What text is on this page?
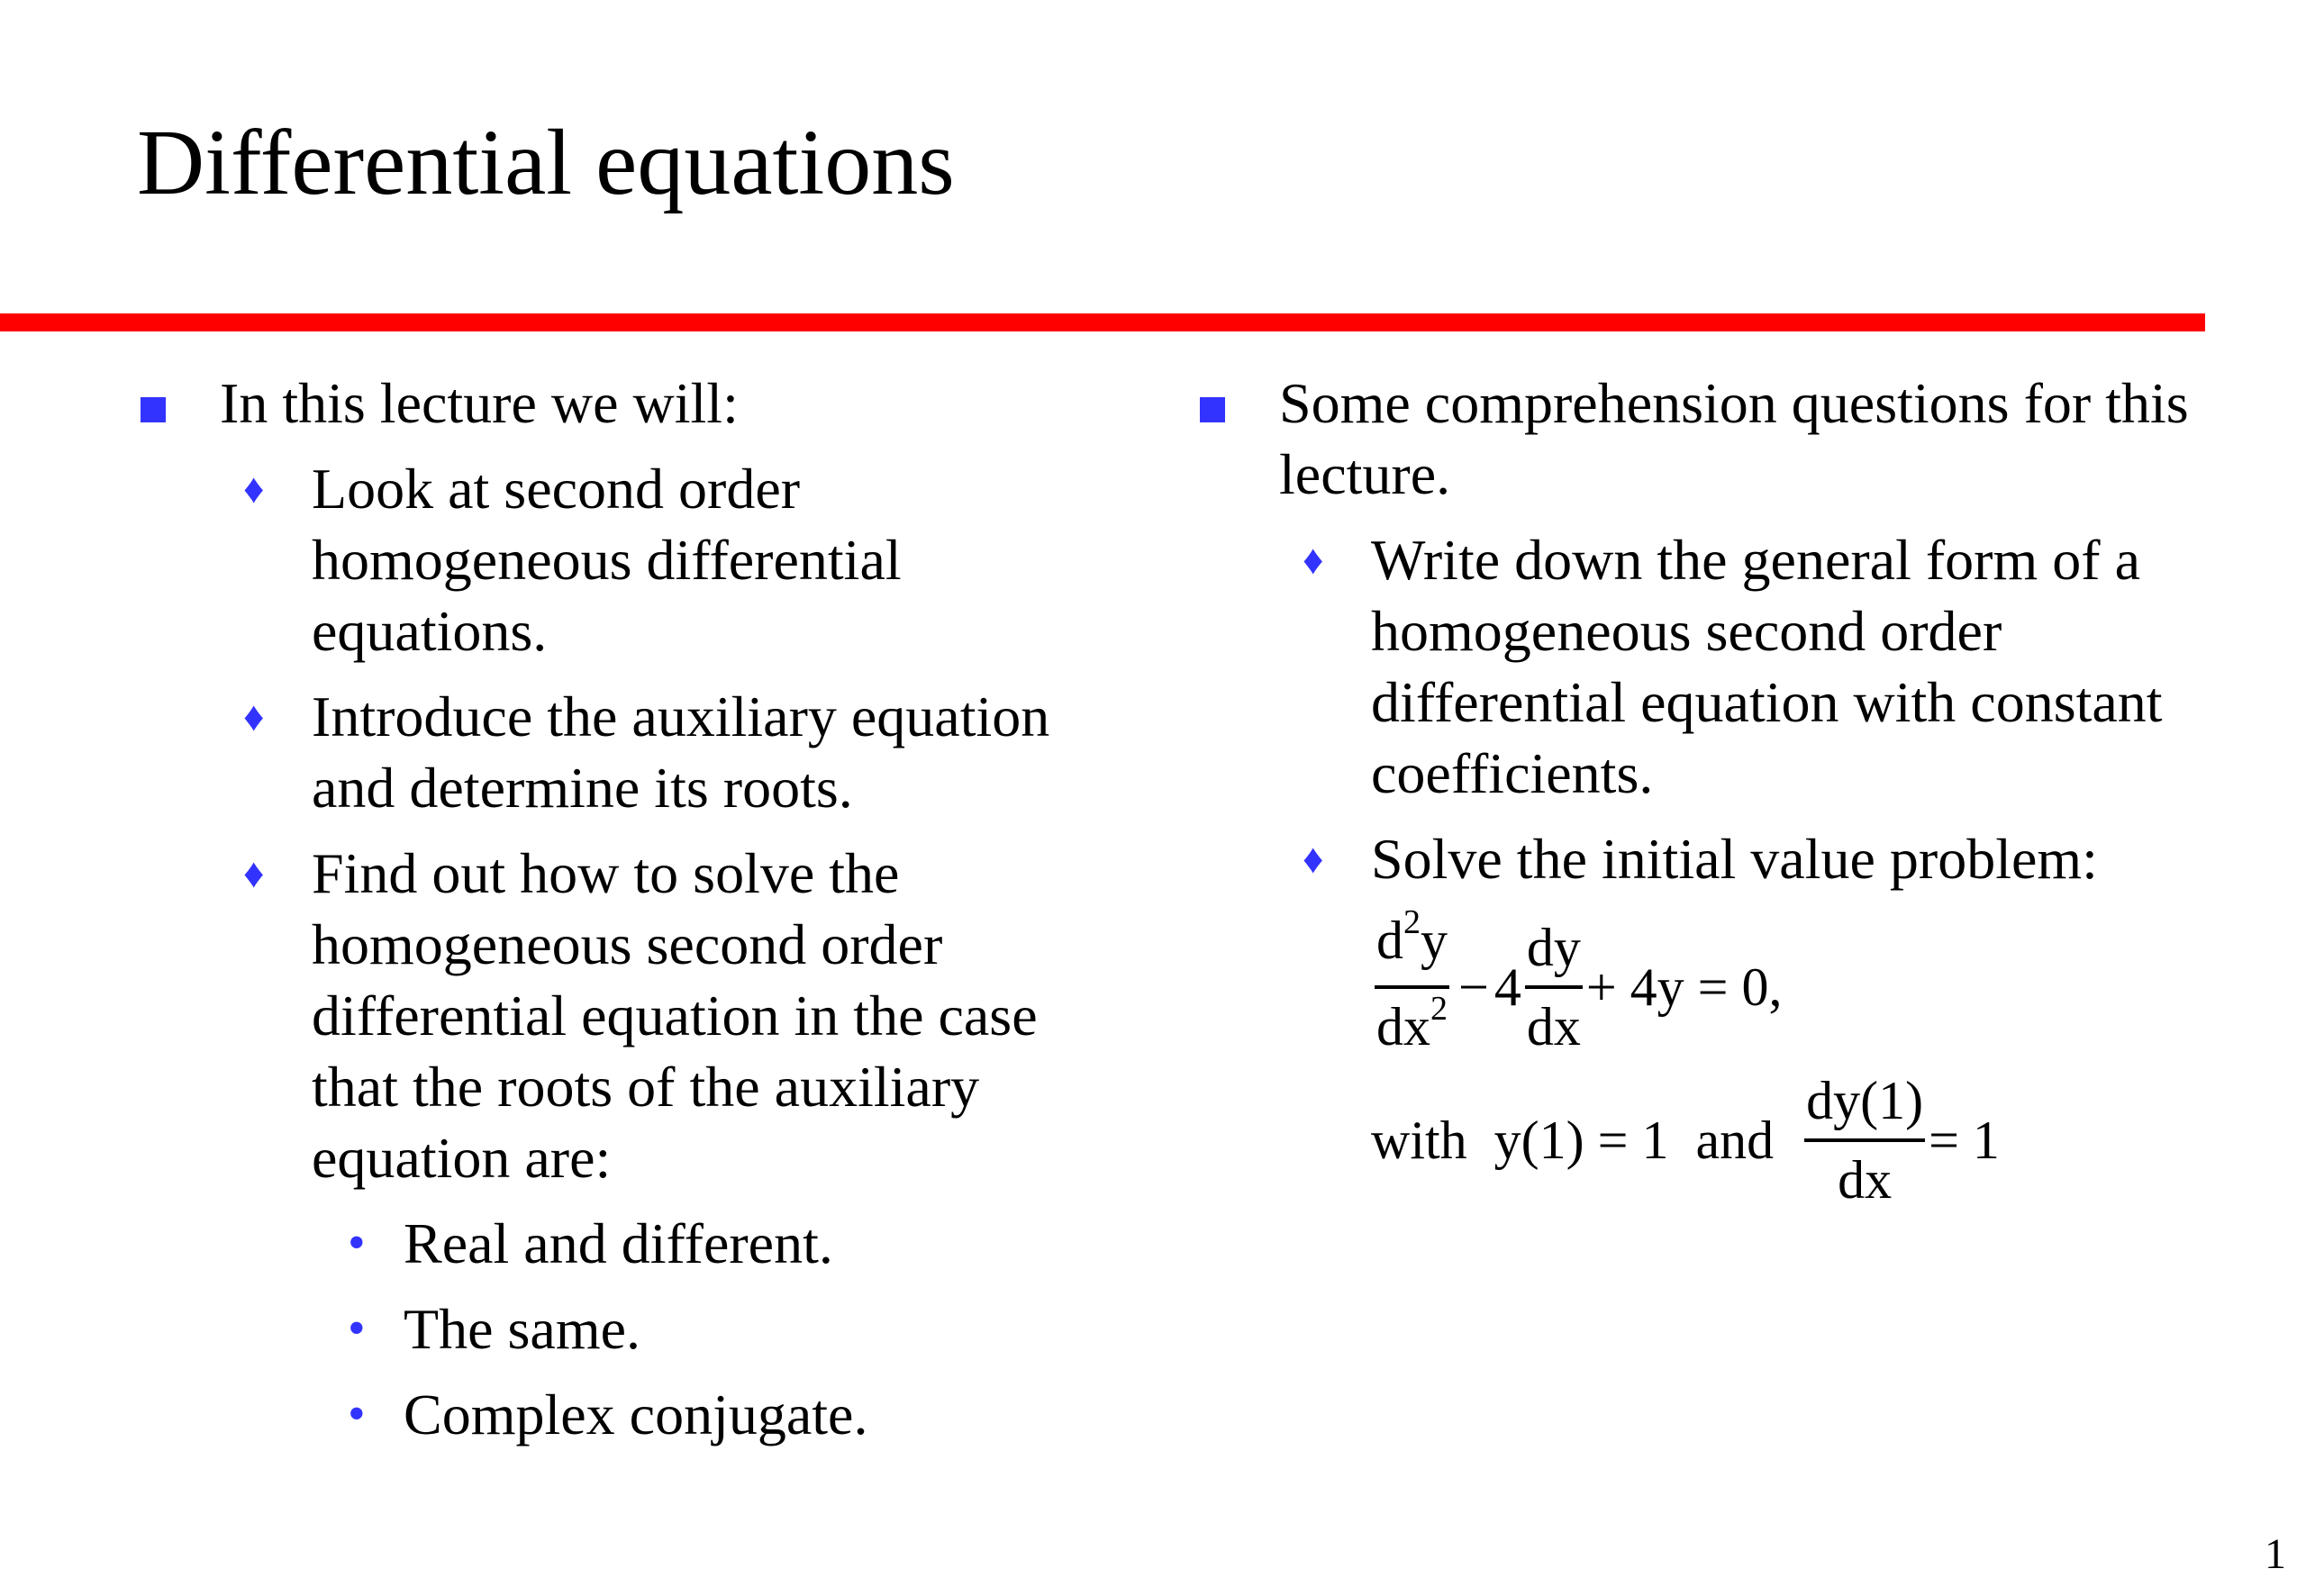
Differential equations
In this lecture we will:
♦ Look at second order homogeneous differential equations.
♦ Introduce the auxiliary equation and determine its roots.
♦ Find out how to solve the homogeneous second order differential equation in the case that the roots of the auxiliary equation are:
• Real and different.
• The same.
• Complex conjugate.
Some comprehension questions for this lecture.
♦ Write down the general form of a homogeneous second order differential equation with constant coefficients.
♦ Solve the initial value problem:
$\frac{d^2y}{dx^2} - 4 \frac{dy}{dx} + 4y = 0$,
with y(1) = 1 and $\frac{dy(1)}{dx} = 1$
1
